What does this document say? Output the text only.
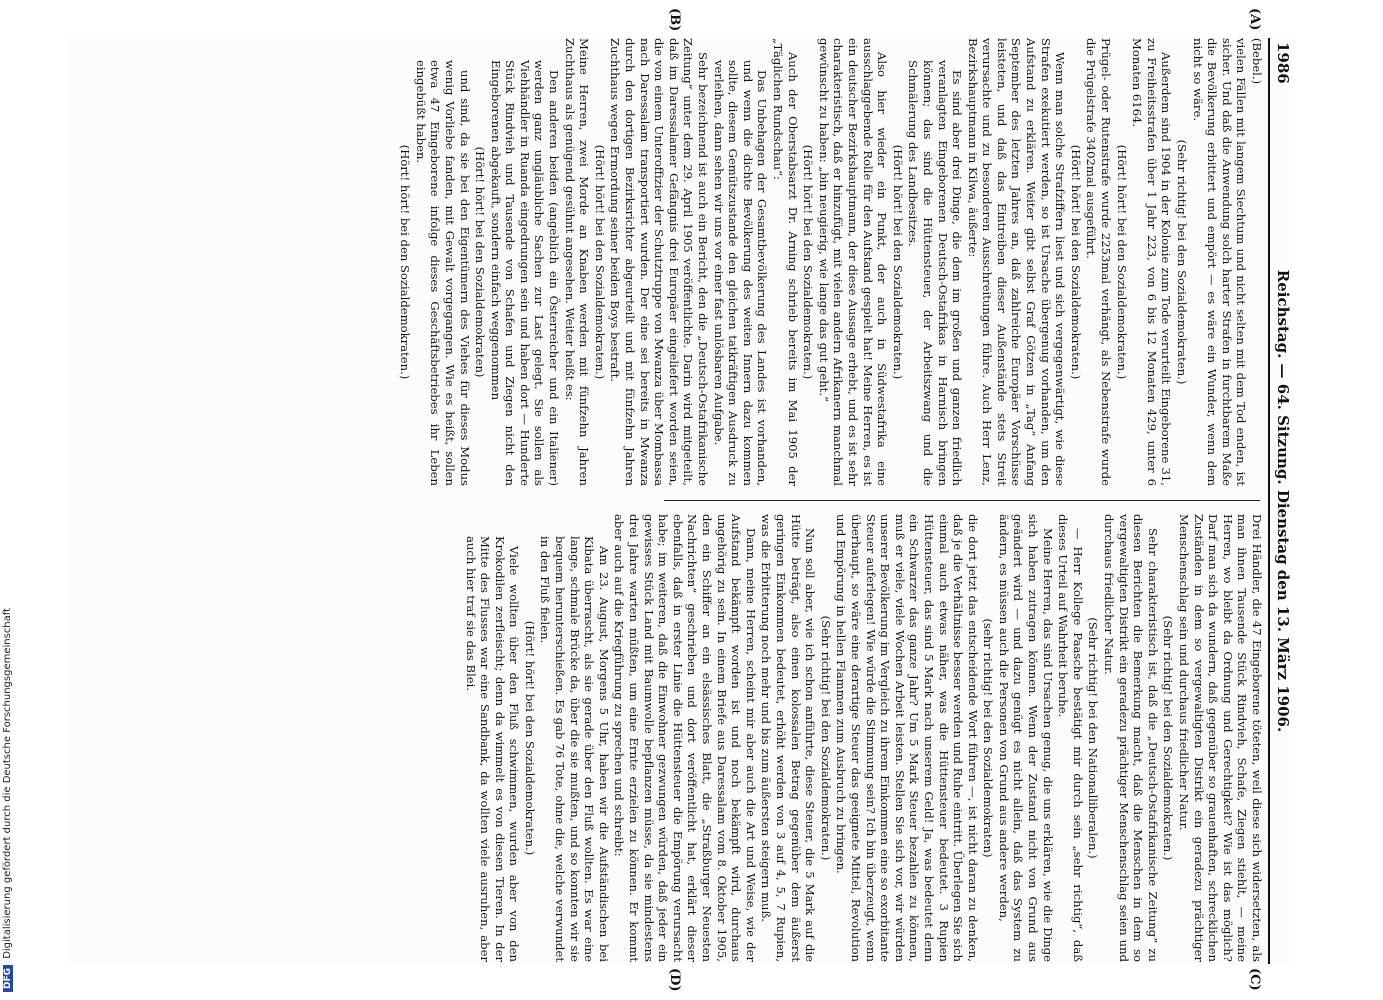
1986
Reichstag. — 64. Sitzung. Dienstag den 13. März 1906.
(A)
(B)
(C)
(D)

(Bebel.)

vielen Fällen mit langem Siechtum und nicht selten mit dem Tod enden, ist sicher. Und daß die Anwendung solch harter Strafen in furchtbarem Maße die Bevölkerung erbittert und empört — es wäre ein Wunder, wenn dem nicht so wäre.

(Sehr richtig! bei den Sozialdemokraten.)

Außerdem sind 1904 in der Kolonie zum Tode verurteilt Eingeborene 31, zu Freiheitsstrafen über 1 Jahr 223, von 6 bis 12 Monaten 429, unter 6 Monaten 6164.

(Hört! hört! bei den Sozialdemokraten.)

Prügel- oder Rutenstrafe wurde 2253mal verhängt, als Nebenstrafe wurde die Prügelstrafe 3402mal ausgeführt.

(Hört! hört! bei den Sozialdemokraten.)

Wenn man solche Strafziffern liest und sich vergegenwärtigt, wie diese Strafen exekutiert werden, so ist Ursache übergenug vorhanden, um den Aufstand zu erklären. Weiter gibt selbst Graf Götzen in „Tag“ Anfang September des letzten Jahres an, daß zahlreiche Europäer Vorschüsse leisteten, und daß das Eintreiben dieser Außenstände stets Streit verursachte und zu besonderen Ausschreitungen führe. Auch Herr Lenz, Bezirkshauptmann in Kilwa, äußerte:

Es sind aber drei Dinge, die dem im großen und ganzen friedlich veranlagten Eingeborenen Deutsch-Ostafrikas in Harnisch bringen können; das sind die Hüttensteuer, der Arbeitszwang und die Schmälerung des Landbesitzes.

(Hört! hört! bei den Sozialdemokraten.)

Also hier wieder ein Punkt, der auch in Südwestafrika eine ausschlaggebende Rolle für den Aufstand gespielt hat! Meine Herren, es ist ein deutscher Bezirkshauptmann, der diese Aussage erhebt, und es ist sehr charakteristisch, daß er hinzufügt, mit vielen andern Afrikanern manchmal gewünscht zu haben: „bin neugierig, wie lange das gut geht.“

(Hört! hört! bei den Sozialdemokraten.)

Auch der Oberstabsarzt Dr. Arning schrieb bereits im Mai 1905 der „Täglichen Rundschau“:

Das Unbehagen der Gesamtbevölkerung des Landes ist vorhanden, und wenn die dichte Bevölkerung des weiten Innern dazu kommen sollte, diesem Gemütszustande den gleichen tatkräftigen Ausdruck zu verleihen, dann sehen wir uns vor einer fast unlösbaren Aufgabe.

Sehr bezeichnend ist auch ein Bericht, den die „Deutsch-Ostafrikanische Zeitung“ unter dem 29. April 1905 veröffentlichte. Darin wird mitgeteilt, daß im Daressalamer Gefängnis drei Europäer eingeliefert worden seien, die von einem Unteroffizier der Schutztruppe von Mwanza über Mombassa nach Daressalam transportiert wurden. Der eine sei bereits in Mwanza durch den dortigen Bezirksrichter abgeurteilt und mit fünfzehn Jahren Zuchthaus wegen Ermordung seiner beiden Boys bestraft.

(Hört! hört! bei den Sozialdemokraten.)

Meine Herren, zwei Morde an Knaben werden mit fünfzehn Jahren Zuchthaus als genügend gesühnt angesehen. Weiter heißt es:

Den anderen beiden (angeblich ein Österreicher und ein Italiener) werden ganz ungläubliche Sachen zur Last gelegt. Sie sollen als Viehhändler in Ruanda eingedrungen sein und haben dort — Hunderte Stück Rindvieh und Tausende von Schafen und Ziegen nicht den Eingeborenen abgekauft, sondern einfach weggenommen

(Hört! hört! bei den Sozialdemokraten)

und sind, da sie bei den Eigentümern des Viehes für dieses Modus wenig Vorliebe fanden, mit Gewalt vorgegangen. Wie es heißt, sollen etwa 47 Eingeborene infolge dieses Geschäftsbetriebes ihr Leben eingebüßt haben.

(Hört! hört! bei den Sozialdemokraten.)

Drei Händler, die 47 Eingeborene töteten, weil diese sich widersetzten, als man ihnen Tausende Stück Rindvieh, Schafe, Ziegen stiehlt, — meine Herren, wo bleibt da Ordnung und Gerechtigkeit? Wie ist das möglich? Darf man sich da wundern, daß gegenüber so grauenhaften, schrecklichen Zuständen in dem so vergewaltigten Distrikt ein geradezu prächtiger Menschenschlag sein und durchaus friedlicher Natur.

(Sehr richtig! bei den Sozialdemokraten.)

Sehr charakteristisch ist, daß die „Deutsch-Ostafrikanische Zeitung“ zu diesen Berichten die Bemerkung macht, daß die Menschen in dem so vergewaltigten Distrikt ein geradezu prächtiger Menschenschlag seien und durchaus friedlicher Natur.

(Sehr richtig! bei den Nationalliberalen.)

— Herr Kollege Paasche bestätigt mir durch sein „sehr richtig“, daß dieses Urteil auf Wahrheit beruhe.

Meine Herren, das sind Ursachen genug, die uns erklären, wie die Dinge sich haben zutragen können. Wenn der Zustand nicht von Grund aus geändert wird — und dazu genügt es nicht allein, daß das System zu ändern, es müssen auch die Personen von Grund aus andere werden,

(sehr richtig! bei den Sozialdemokraten)

die dort jetzt das entscheidende Wort führen —, ist nicht daran zu denken, daß je die Verhältnisse besser werden und Ruhe eintritt. Überlegen Sie sich einmal auch etwas näher, was die Hüttensteuer bedeutet. 3 Rupien Hüttensteuer, das sind 5 Mark nach unserem Geld! Ja, was bedeutet denn ein Schwarzer das ganze Jahr? Um 5 Mark Steuer bezahlen zu können, muß er viele, viele Wochen Arbeit leisten. Stellen Sie sich vor, wir würden unserer Bevölkerung im Vergleich zu ihrem Einkommen eine so exorbitante Steuer auferlegen! Wie würde die Stimmung sein? Ich bin überzeugt, wenn überhaupt, so wäre eine derartige Steuer das geeignete Mittel, Revolution und Empörung in hellen Flammen zum Ausbruch zu bringen.

(Sehr richtig! bei den Sozialdemokraten.)

Nun soll aber, wie ich schon anführte, diese Steuer, die 5 Mark auf die Hütte beträgt, also einen kolossalen Betrag gegenüber dem äußerst geringen Einkommen bedeutet, erhöht werden von 3 auf 4, 5, 7 Rupien, was die Erbitterung noch mehr und bis zum äußersten steigern muß.

Dann, meine Herren, scheint mir aber auch die Art und Weise, wie der Aufstand bekämpft worden ist und noch bekämpft wird, durchaus ungehörig zu sein. In einem Briefe aus Daressalam vom 8. Oktober 1905, den ein Schiffer an ein elsässisches Blatt, die „Straßburger Neuesten Nachrichten“ geschrieben und dort veröffentlicht hat, erklärt dieser ebenfalls, daß in erster Linie die Hüttensteuer die Empörung verursacht habe; im weiteren, daß die Einwohner gezwungen würden, daß jeder ein gewisses Stück Land mit Baumwolle bepflanzen müsse, da sie mindestens drei Jahre warten müßten, um eine Ernte erzielen zu können. Er kommt aber auch auf die Kriegführung zu sprechen und schreibt:

Am 23. August, Morgens 5 Uhr, haben wir die Aufständischen bei Kibata überrascht, als sie gerade über den Fluß wollten. Es war eine lange, schmale Brücke da, über die sie mußten, und so konnten wir sie bequem herunterschießen. Es gab 76 Tote, ohne die, welche verwundet in den Fluß fielen.

(Hört! hört! bei den Sozialdemokraten.)

Viele wollten über den Fluß schwimmen, wurden aber von den Krokodilen zerfleischt; denn da wimmelt es von diesen Tieren. In der Mitte des Flusses war eine Sandbank, da wollten viele ausruhen, aber auch hier traf sie das Blei.

DFG Digitalisierung gefördert durch die Deutsche Forschungsgemeinschaft
